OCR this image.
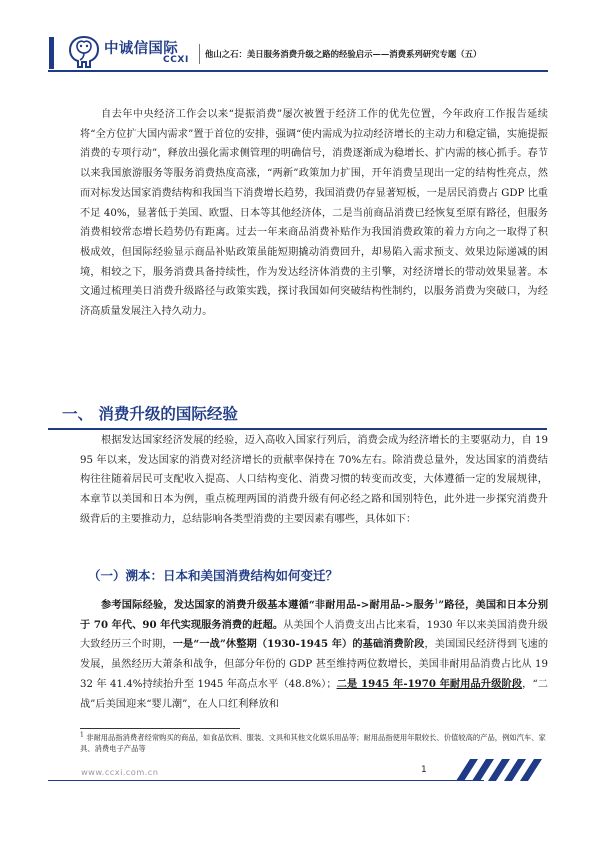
中诚信国际
CCXI
他山之石：美日服务消费升级之路的经验启示——消费系列研究专题（五）

自去年中央经济工作会以来“提振消费”屡次被置于经济工作的优先位置，今年政府工作报告延续将“全方位扩大国内需求”置于首位的安排，强调“使内需成为拉动经济增长的主动力和稳定锚，实施提振消费的专项行动”，释放出强化需求侧管理的明确信号，消费逐渐成为稳增长、扩内需的核心抓手。春节以来我国旅游服务等服务消费热度高涨，“两新”政策加力扩围，开年消费呈现出一定的结构性亮点，然而对标发达国家消费结构和我国当下消费增长趋势，我国消费仍存显著短板，一是居民消费占 GDP 比重不足 40%，显著低于美国、欧盟、日本等其他经济体，二是当前商品消费已经恢复至原有路径，但服务消费相较常态增长趋势仍有距离。过去一年来商品消费补贴作为我国消费政策的着力方向之一取得了积极成效，但国际经验显示商品补贴政策虽能短期撬动消费回升，却易陷入需求预支、效果边际递减的困境，相较之下，服务消费具备持续性，作为发达经济体消费的主引擎，对经济增长的带动效果显著。本文通过梳理美日消费升级路径与政策实践，探讨我国如何突破结构性制约，以服务消费为突破口，为经济高质量发展注入持久动力。

一、 消费升级的国际经验

根据发达国家经济发展的经验，迈入高收入国家行列后，消费会成为经济增长的主要驱动力，自 1995 年以来，发达国家的消费对经济增长的贡献率保持在 70%左右。除消费总量外，发达国家的消费结构往往随着居民可支配收入提高、人口结构变化、消费习惯的转变而改变，大体遵循一定的发展规律，本章节以美国和日本为例，重点梳理两国的消费升级有何必经之路和国别特色，此外进一步探究消费升级背后的主要推动力，总结影响各类型消费的主要因素有哪些，具体如下：

（一）溯本：日本和美国消费结构如何变迁？

参考国际经验，发达国家的消费升级基本遵循“非耐用品->耐用品->服务$^1$”路径，美国和日本分别于 70 年代、90 年代实现服务消费的赶超。从美国个人消费支出占比来看，1930 年以来美国消费升级大致经历三个时期，一是“一战”休整期（1930-1945 年）的基础消费阶段，美国国民经济得到飞速的发展，虽然经历大萧条和战争，但部分年份的 GDP 甚至维持两位数增长，美国非耐用品消费占比从 1932 年 41.4%持续抬升至 1945 年高点水平（48.8%）；二是 1945 年-1970 年耐用品升级阶段，“二战”后美国迎来“婴儿潮”，在人口红利释放和

$^1$ 非耐用品指消费者经常购买的商品，如食品饮料、服装、文具和其他文化娱乐用品等；耐用品指使用年限较长、价值较高的产品，例如汽车、家具、消费电子产品等

www.ccxi.com.cn	1
